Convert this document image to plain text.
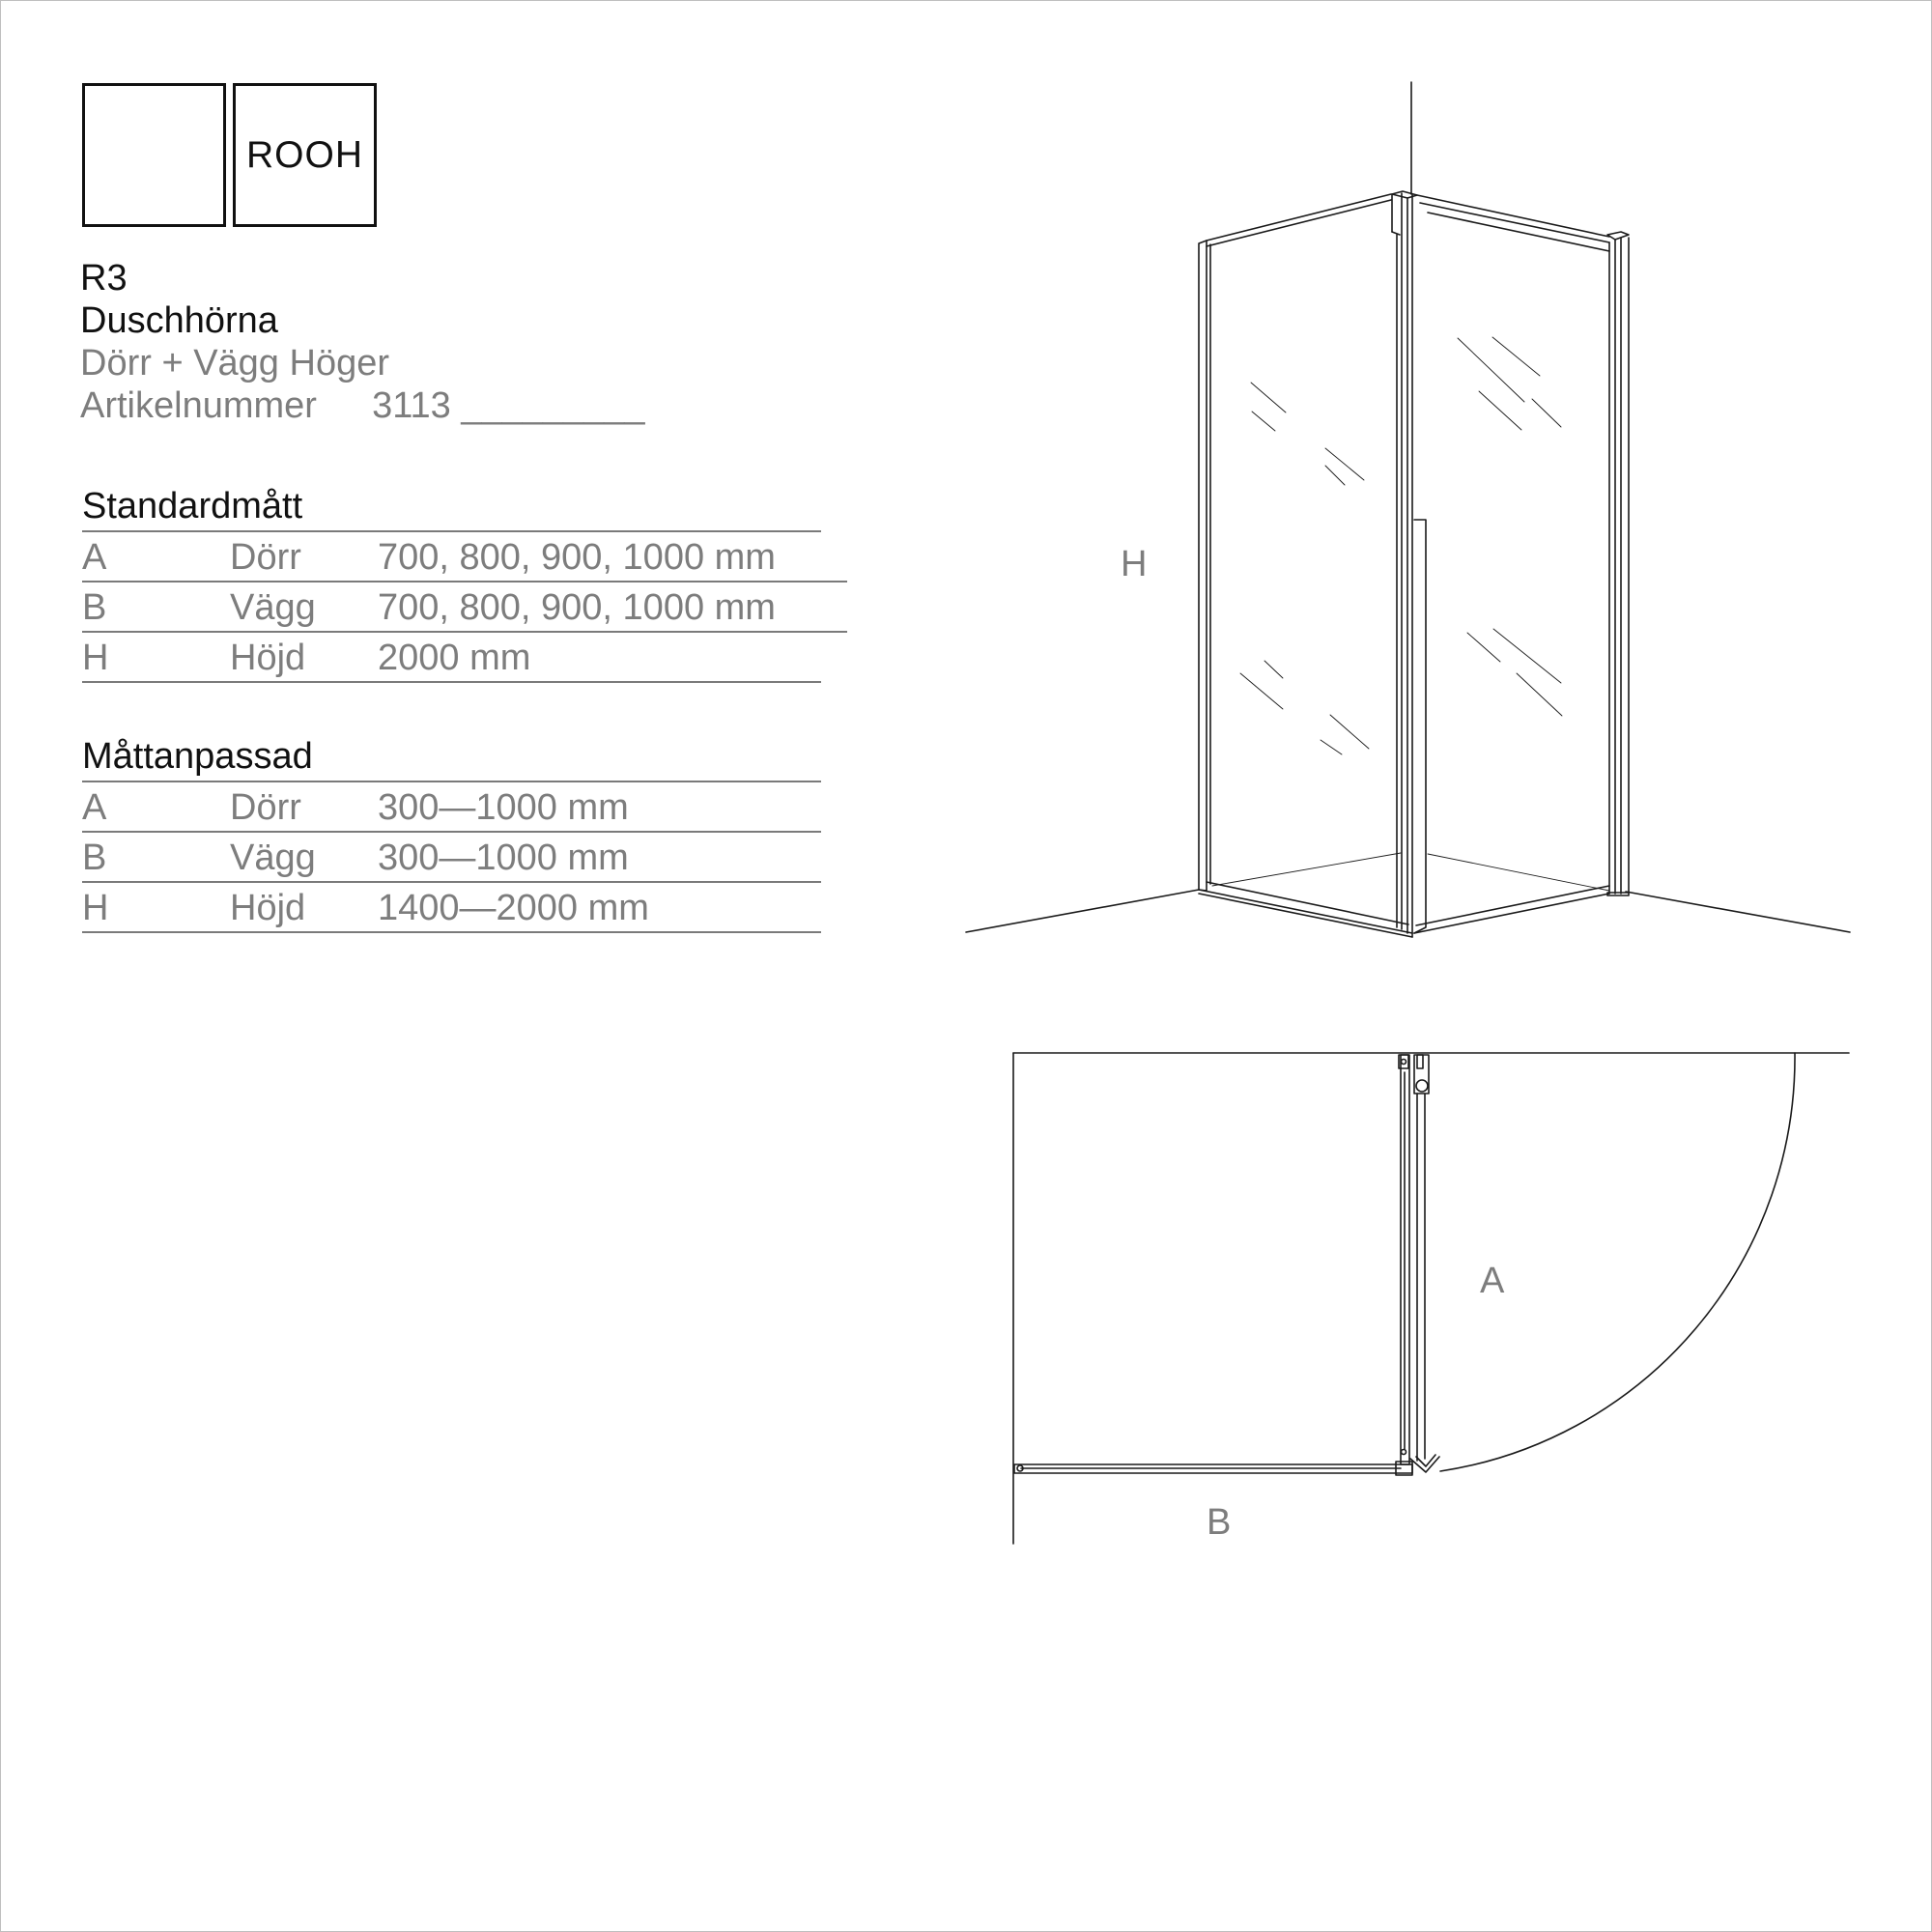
ROOH
R3
Duschhörna
Dörr + Vägg Höger
Artikelnummer 3113 _________
Standardmått
A	Dörr 700, 800, 900, 1000 mm
B	Vägg 700, 800, 900, 1000 mm
H	Höjd 2000 mm
Måttanpassad
A	Dörr 300—1000 mm
B	Vägg 300—1000 mm
H	Höjd 1400—2000 mm
H
A
B
